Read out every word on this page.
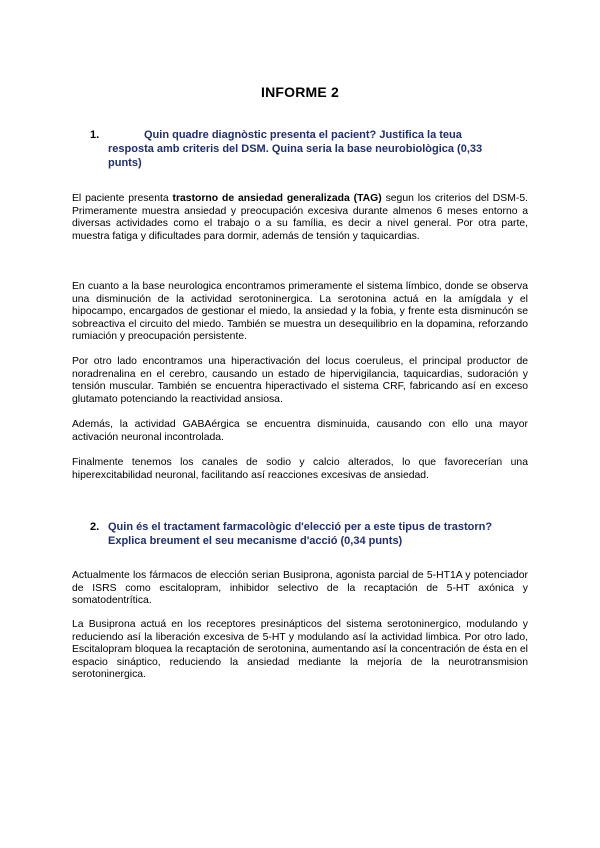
INFORME 2
1.	Quin quadre diagnòstic presenta el pacient? Justifica la teua resposta amb criteris del DSM. Quina seria la base neurobiològica (0,33 punts)
El paciente presenta trastorno de ansiedad generalizada (TAG) segun los criterios del DSM-5. Primeramente muestra ansiedad y preocupación excesiva durante almenos 6 meses entorno a diversas actividades como el trabajo o a su família, es decir a nivel general. Por otra parte, muestra fatiga y dificultades para dormir, además de tensión y taquicardias.
En cuanto a la base neurologica encontramos primeramente el sistema límbico, donde se observa una disminución de la actividad serotoninergica. La serotonina actuá en la amígdala y el hipocampo, encargados de gestionar el miedo, la ansiedad y la fobia, y frente esta disminucón se sobreactiva el circuito del miedo. También se muestra un desequilibrio en la dopamina, reforzando rumiación y preocupación persistente.
Por otro lado encontramos una hiperactivación del locus coeruleus, el principal productor de noradrenalina en el cerebro, causando un estado de hipervigilancia, taquicardias, sudoración y tensión muscular. También se encuentra hiperactivado el sistema CRF, fabricando así en exceso glutamato potenciando la reactividad ansiosa.
Además, la actividad GABAérgica se encuentra disminuida, causando con ello una mayor activación neuronal incontrolada.
Finalmente tenemos los canales de sodio y calcio alterados, lo que favorecerían una hiperexcitabilidad neuronal, facilitando así reacciones excesivas de ansiedad.
2. Quin és el tractament farmacològic d'elecció per a este tipus de trastorn? Explica breument el seu mecanisme d'acció (0,34 punts)
Actualmente los fármacos de elección serian Busiprona, agonista parcial de 5-HT1A y potenciador de ISRS como escitalopram, inhibidor selectivo de la recaptación de 5-HT axónica y somatodentrítica.
La Busiprona actuá en los receptores presinápticos del sistema serotoninergico, modulando y reduciendo así la liberación excesiva de 5-HT y modulando así la actividad limbica. Por otro lado, Escitalopram bloquea la recaptación de serotonina, aumentando así la concentración de ésta en el espacio sináptico, reduciendo la ansiedad mediante la mejoría de la neurotransmision serotoninergica.
